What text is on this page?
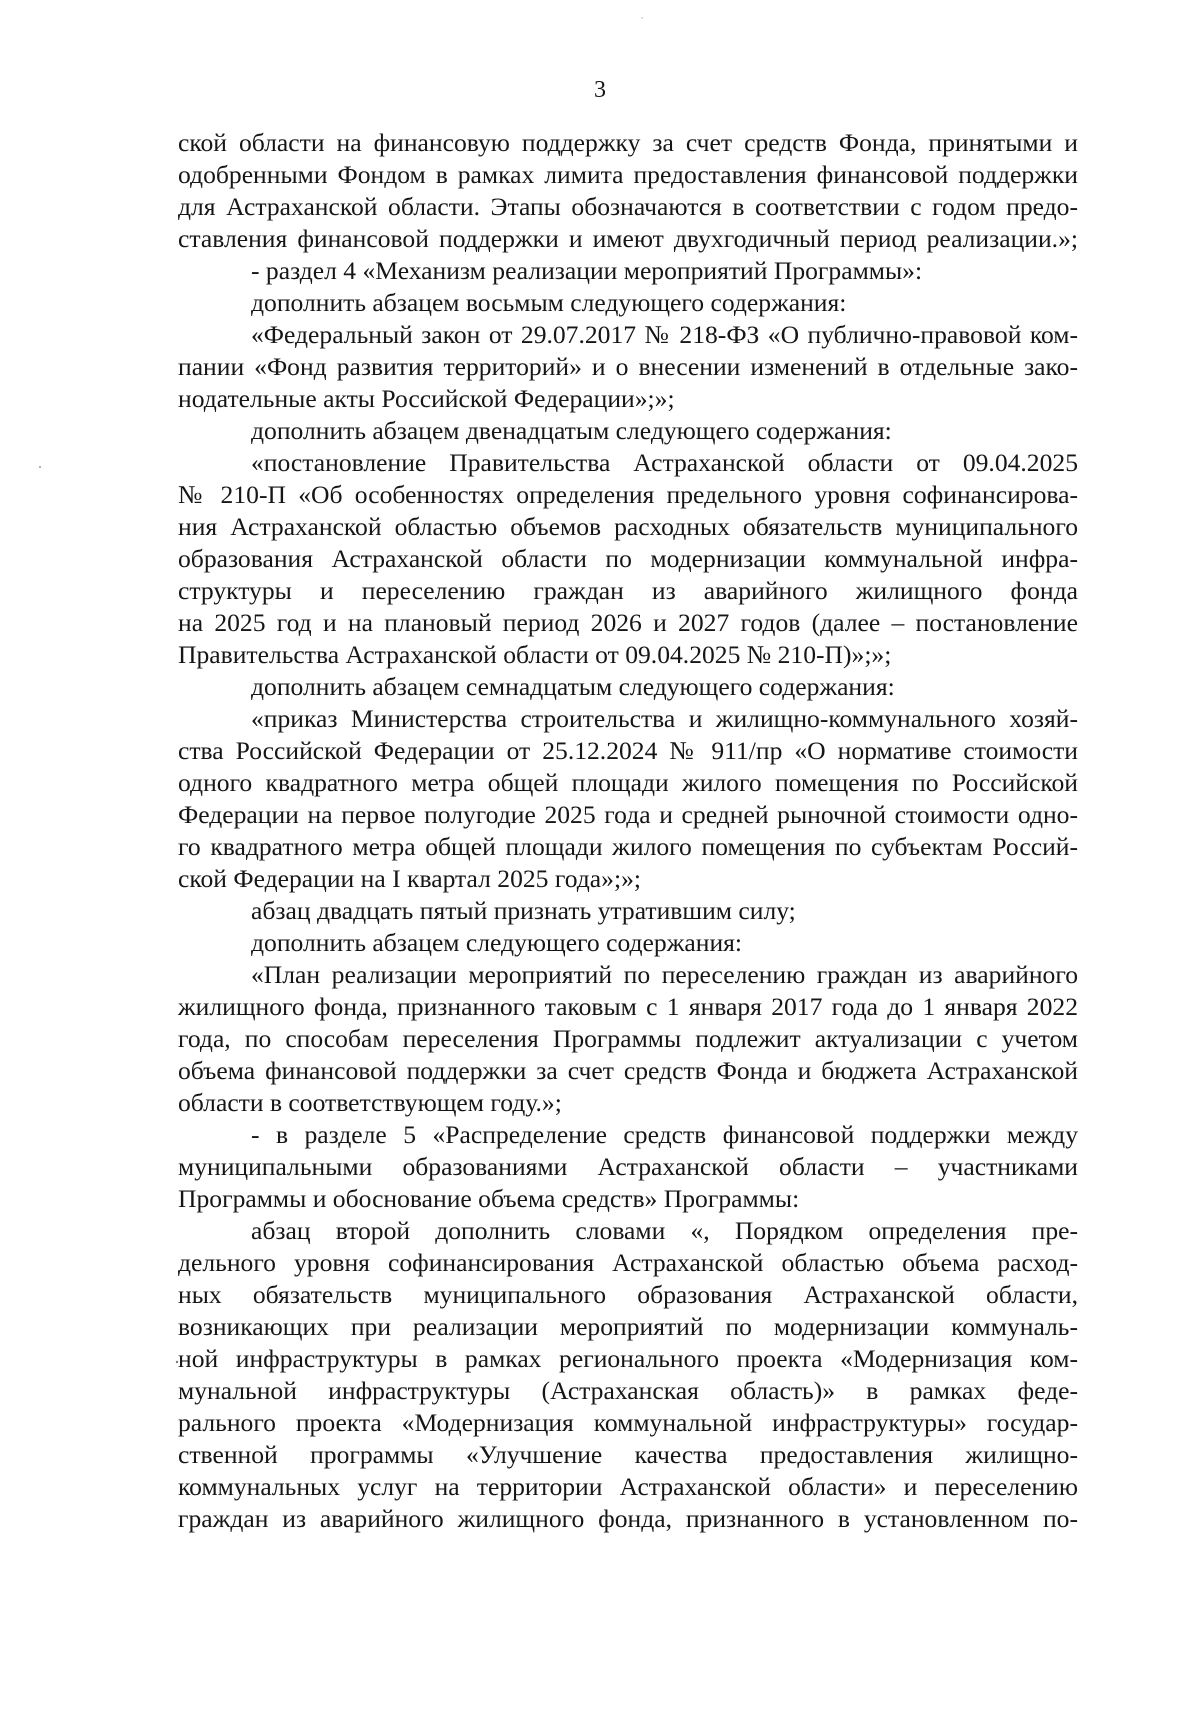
3

ской области на финансовую поддержку за счет средств Фонда, принятыми и
одобренными Фондом в рамках лимита предоставления финансовой поддержки
для Астраханской области. Этапы обозначаются в соответствии с годом предо-
ставления финансовой поддержки и имеют двухгодичный период реализации.»;
- раздел 4 «Механизм реализации мероприятий Программы»:
дополнить абзацем восьмым следующего содержания:
«Федеральный закон от 29.07.2017 № 218-ФЗ «О публично-правовой ком-
пании «Фонд развития территорий» и о внесении изменений в отдельные зако-
нодательные акты Российской Федерации»;»;
дополнить абзацем двенадцатым следующего содержания:
«постановление Правительства Астраханской области от 09.04.2025
№ 210-П «Об особенностях определения предельного уровня софинансирова-
ния Астраханской областью объемов расходных обязательств муниципального
образования Астраханской области по модернизации коммунальной инфра-
структуры и переселению граждан из аварийного жилищного фонда
на 2025 год и на плановый период 2026 и 2027 годов (далее – постановление
Правительства Астраханской области от 09.04.2025 № 210-П)»;»;
дополнить абзацем семнадцатым следующего содержания:
«приказ Министерства строительства и жилищно-коммунального хозяй-
ства Российской Федерации от 25.12.2024 № 911/пр «О нормативе стоимости
одного квадратного метра общей площади жилого помещения по Российской
Федерации на первое полугодие 2025 года и средней рыночной стоимости одно-
го квадратного метра общей площади жилого помещения по субъектам Россий-
ской Федерации на I квартал 2025 года»;»;
абзац двадцать пятый признать утратившим силу;
дополнить абзацем следующего содержания:
«План реализации мероприятий по переселению граждан из аварийного
жилищного фонда, признанного таковым с 1 января 2017 года до 1 января 2022
года, по способам переселения Программы подлежит актуализации с учетом
объема финансовой поддержки за счет средств Фонда и бюджета Астраханской
области в соответствующем году.»;
- в разделе 5 «Распределение средств финансовой поддержки между
муниципальными образованиями Астраханской области – участниками
Программы и обоснование объема средств» Программы:
абзац второй дополнить словами «, Порядком определения пре-
дельного уровня софинансирования Астраханской областью объема расход-
ных обязательств муниципального образования Астраханской области,
возникающих при реализации мероприятий по модернизации коммуналь-
ной инфраструктуры в рамках регионального проекта «Модернизация ком-
мунальной инфраструктуры (Астраханская область)» в рамках феде-
рального проекта «Модернизация коммунальной инфраструктуры» государ-
ственной программы «Улучшение качества предоставления жилищно-
коммунальных услуг на территории Астраханской области» и переселению
граждан из аварийного жилищного фонда, признанного в установленном по-
